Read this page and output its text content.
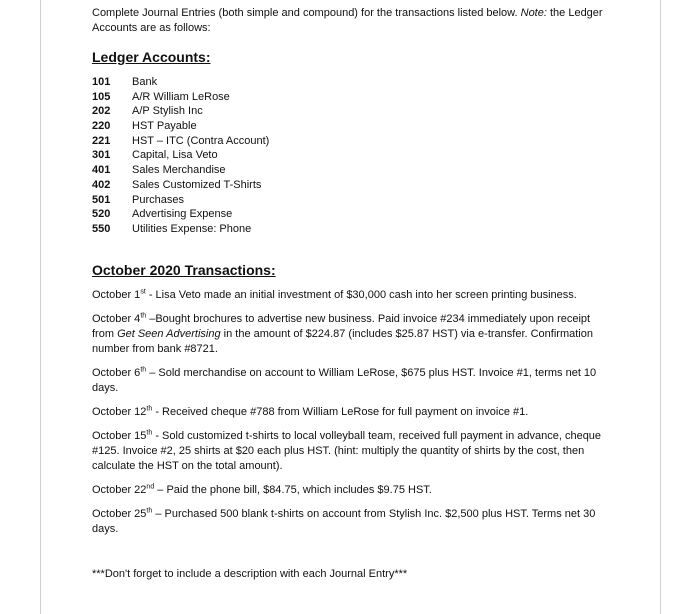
Complete Journal Entries (both simple and compound) for the transactions listed below. Note: the Ledger Accounts are as follows:

Ledger Accounts:
101	Bank
105	A/R William LeRose
202	A/P Stylish Inc
220	HST Payable
221	HST – ITC (Contra Account)
301	Capital, Lisa Veto
401	Sales Merchandise
402	Sales Customized T-Shirts
501	Purchases
520	Advertising Expense
550	Utilities Expense: Phone
October 2020 Transactions:

October 1st - Lisa Veto made an initial investment of $30,000 cash into her screen printing business.

October 4th –Bought brochures to advertise new business. Paid invoice #234 immediately upon receipt from Get Seen Advertising in the amount of $224.87 (includes $25.87 HST) via e-transfer. Confirmation number from bank #8721.

October 6th – Sold merchandise on account to William LeRose, $675 plus HST. Invoice #1, terms net 10 days.

October 12th - Received cheque #788 from William LeRose for full payment on invoice #1.

October 15th - Sold customized t-shirts to local volleyball team, received full payment in advance, cheque #125. Invoice #2, 25 shirts at $20 each plus HST. (hint: multiply the quantity of shirts by the cost, then calculate the HST on the total amount).

October 22nd – Paid the phone bill, $84.75, which includes $9.75 HST.

October 25th – Purchased 500 blank t-shirts on account from Stylish Inc. $2,500 plus HST. Terms net 30 days.

***Don't forget to include a description with each Journal Entry***
